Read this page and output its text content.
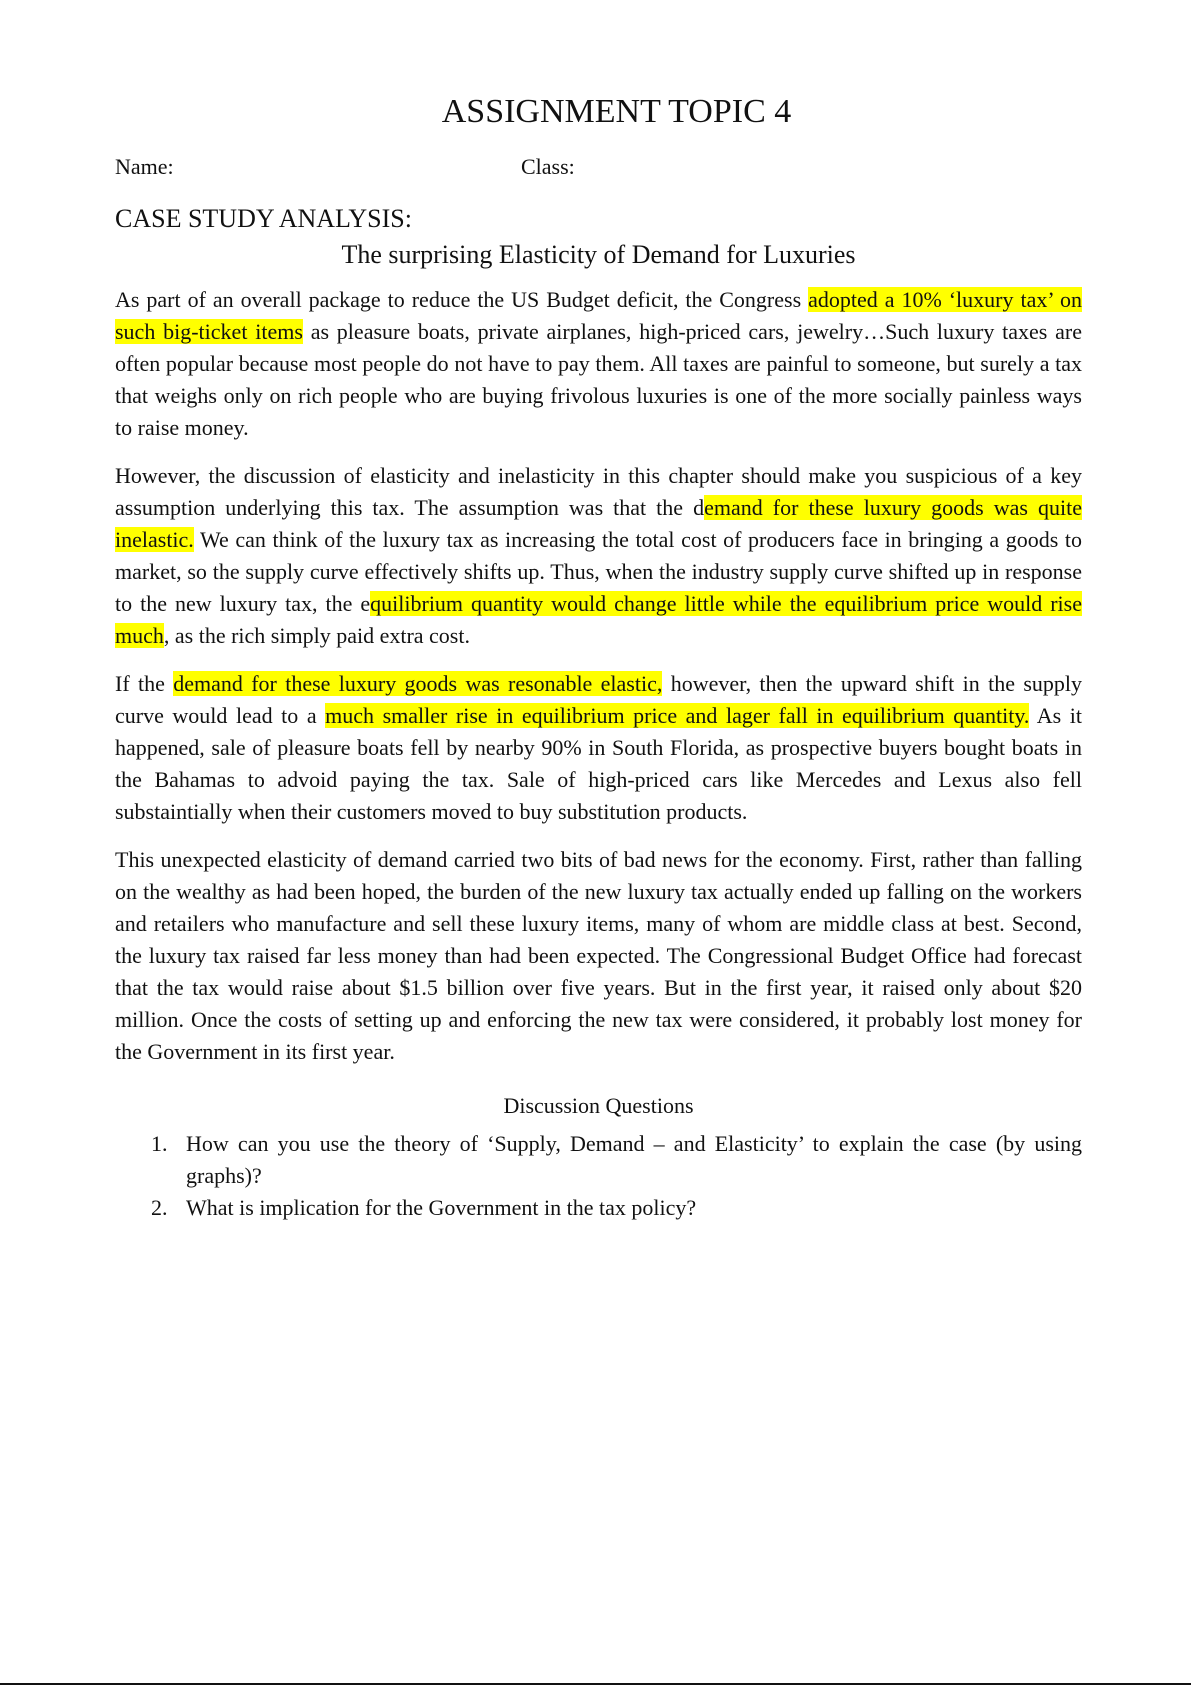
ASSIGNMENT TOPIC 4
Name:	Class:
CASE STUDY ANALYSIS:
The surprising Elasticity of Demand for Luxuries

As part of an overall package to reduce the US Budget deficit, the Congress adopted a 10% ‘luxury tax’ on such big-ticket items as pleasure boats, private airplanes, high-priced cars, jewelry…Such luxury taxes are often popular because most people do not have to pay them. All taxes are painful to someone, but surely a tax that weighs only on rich people who are buying frivolous luxuries is one of the more socially painless ways to raise money.

However, the discussion of elasticity and inelasticity in this chapter should make you suspicious of a key assumption underlying this tax. The assumption was that the demand for these luxury goods was quite inelastic. We can think of the luxury tax as increasing the total cost of producers face in bringing a goods to market, so the supply curve effectively shifts up. Thus, when the industry supply curve shifted up in response to the new luxury tax, the equilibrium quantity would change little while the equilibrium price would rise much, as the rich simply paid extra cost.

If the demand for these luxury goods was resonable elastic, however, then the upward shift in the supply curve would lead to a much smaller rise in equilibrium price and lager fall in equilibrium quantity. As it happened, sale of pleasure boats fell by nearby 90% in South Florida, as prospective buyers bought boats in the Bahamas to advoid paying the tax. Sale of high-priced cars like Mercedes and Lexus also fell substaintially when their customers moved to buy substitution products.

This unexpected elasticity of demand carried two bits of bad news for the economy. First, rather than falling on the wealthy as had been hoped, the burden of the new luxury tax actually ended up falling on the workers and retailers who manufacture and sell these luxury items, many of whom are middle class at best. Second, the luxury tax raised far less money than had been expected. The Congressional Budget Office had forecast that the tax would raise about $1.5 billion over five years. But in the first year, it raised only about $20 million. Once the costs of setting up and enforcing the new tax were considered, it probably lost money for the Government in its first year.

Discussion Questions
1. How can you use the theory of ‘Supply, Demand – and Elasticity’ to explain the case (by using graphs)?
2. What is implication for the Government in the tax policy?
